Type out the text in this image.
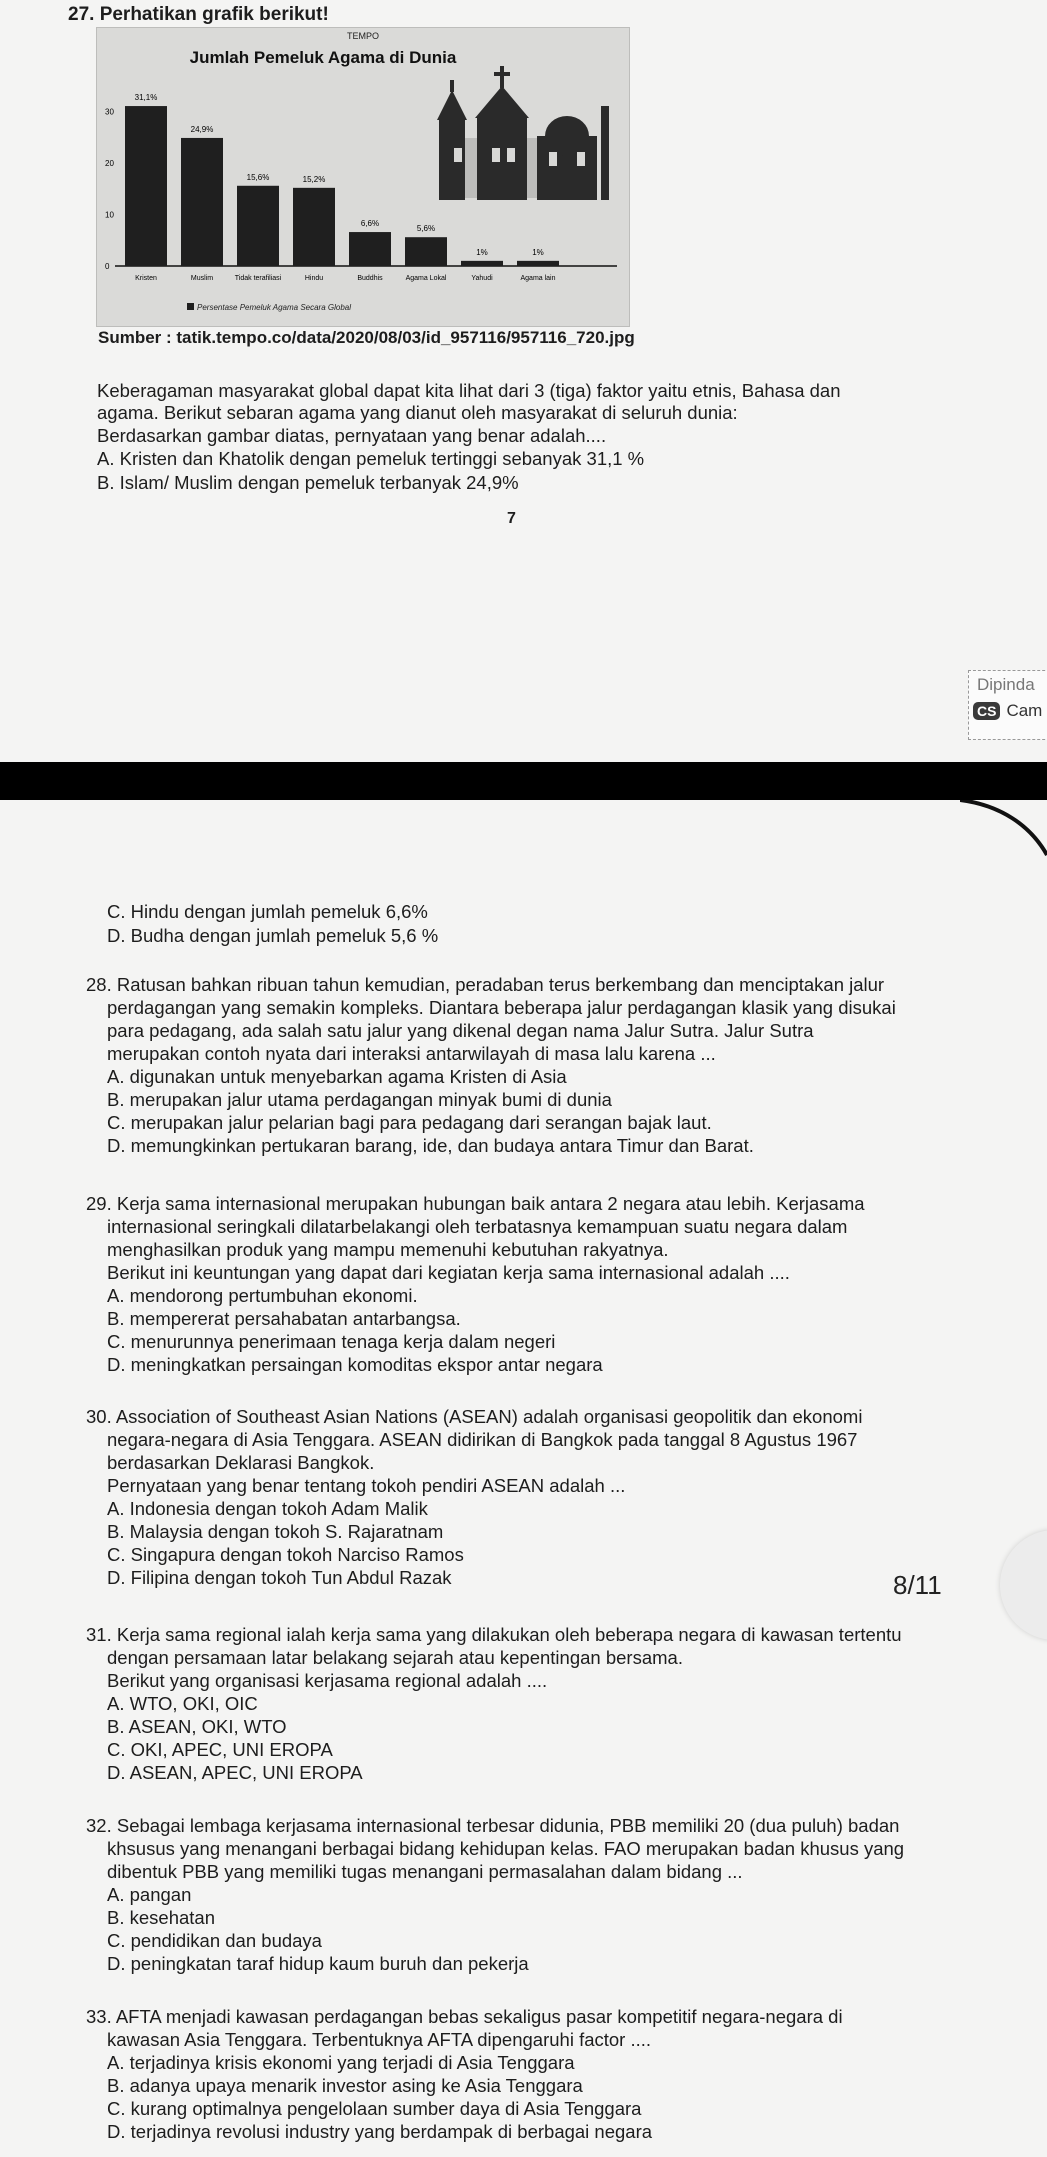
27. Perhatikan grafik berikut!
TEMPO
Jumlah Pemeluk Agama di Dunia
0
10
20
30
31,1%
24,9%
15,6%	15,2%
6,6%
5,6%
1%	1%
Kristen	Muslim	Tidak terafiliasi	Hindu	Buddhis	Agama Lokal	Yahudi	Agama lain
Persentase Pemeluk Agama Secara Global
Sumber : tatik.tempo.co/data/2020/08/03/id_957116/957116_720.jpg
Keberagaman masyarakat global dapat kita lihat dari 3 (tiga) faktor yaitu etnis, Bahasa dan
agama. Berikut sebaran agama yang dianut oleh masyarakat di seluruh dunia:
Berdasarkan gambar diatas, pernyataan yang benar adalah....
A. Kristen dan Khatolik dengan pemeluk tertinggi sebanyak 31,1 %
B. Islam/ Muslim dengan pemeluk terbanyak 24,9%
7
Dipinda
CS Cam
C. Hindu dengan jumlah pemeluk 6,6%
D. Budha dengan jumlah pemeluk 5,6 %
28. Ratusan bahkan ribuan tahun kemudian, peradaban terus berkembang dan menciptakan jalur
perdagangan yang semakin kompleks. Diantara beberapa jalur perdagangan klasik yang disukai
para pedagang, ada salah satu jalur yang dikenal degan nama Jalur Sutra. Jalur Sutra
merupakan contoh nyata dari interaksi antarwilayah di masa lalu karena ...
A. digunakan untuk menyebarkan agama Kristen di Asia
B. merupakan jalur utama perdagangan minyak bumi di dunia
C. merupakan jalur pelarian bagi para pedagang dari serangan bajak laut.
D. memungkinkan pertukaran barang, ide, dan budaya antara Timur dan Barat.
29. Kerja sama internasional merupakan hubungan baik antara 2 negara atau lebih. Kerjasama
internasional seringkali dilatarbelakangi oleh terbatasnya kemampuan suatu negara dalam
menghasilkan produk yang mampu memenuhi kebutuhan rakyatnya.
Berikut ini keuntungan yang dapat dari kegiatan kerja sama internasional adalah ....
A. mendorong pertumbuhan ekonomi.
B. mempererat persahabatan antarbangsa.
C. menurunnya penerimaan tenaga kerja dalam negeri
D. meningkatkan persaingan komoditas ekspor antar negara
30. Association of Southeast Asian Nations (ASEAN) adalah organisasi geopolitik dan ekonomi
negara-negara di Asia Tenggara. ASEAN didirikan di Bangkok pada tanggal 8 Agustus 1967
berdasarkan Deklarasi Bangkok.
Pernyataan yang benar tentang tokoh pendiri ASEAN adalah ...
A. Indonesia dengan tokoh Adam Malik
B. Malaysia dengan tokoh S. Rajaratnam
C. Singapura dengan tokoh Narciso Ramos
D. Filipina dengan tokoh Tun Abdul Razak	8/11
31. Kerja sama regional ialah kerja sama yang dilakukan oleh beberapa negara di kawasan tertentu
dengan persamaan latar belakang sejarah atau kepentingan bersama.
Berikut yang organisasi kerjasama regional adalah ....
A. WTO, OKI, OIC
B. ASEAN, OKI, WTO
C. OKI, APEC, UNI EROPA
D. ASEAN, APEC, UNI EROPA
32. Sebagai lembaga kerjasama internasional terbesar didunia, PBB memiliki 20 (dua puluh) badan
khsusus yang menangani berbagai bidang kehidupan kelas. FAO merupakan badan khusus yang
dibentuk PBB yang memiliki tugas menangani permasalahan dalam bidang ...
A. pangan
B. kesehatan
C. pendidikan dan budaya
D. peningkatan taraf hidup kaum buruh dan pekerja
33. AFTA menjadi kawasan perdagangan bebas sekaligus pasar kompetitif negara-negara di
kawasan Asia Tenggara. Terbentuknya AFTA dipengaruhi factor ....
A. terjadinya krisis ekonomi yang terjadi di Asia Tenggara
B. adanya upaya menarik investor asing ke Asia Tenggara
C. kurang optimalnya pengelolaan sumber daya di Asia Tenggara
D. terjadinya revolusi industry yang berdampak di berbagai negara
